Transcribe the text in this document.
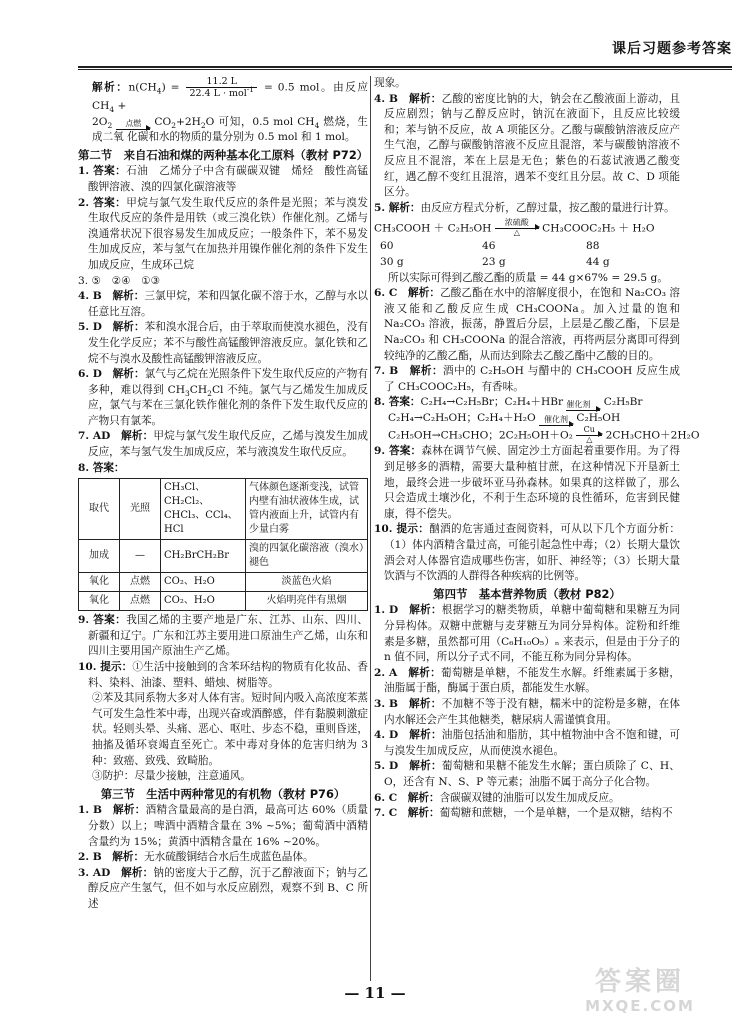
课后习题参考答案

解析：$n(CH_4) = \frac{11.2 L}{22.4 L \cdot mol^{-1}} = 0.5$ mol。由反应 $CH_4$ +

$2O_2$	点燃	$CO_2+2H_2O$ 可知，0.5 mol $CH_4$ 燃烧，生成二氧 化碳和水的物质的量分别为 0.5 mol 和 1 mol。

第二节　来自石油和煤的两种基本化工原料（教材 P72）

1. 答案：石油　乙烯分子中含有碳碳双键　烯烃　酸性高锰酸钾溶液、溴的四氯化碳溶液等

2. 答案：甲烷与氯气发生取代反应的条件是光照；苯与溴发生取代反应的条件是用铁（或三溴化铁）作催化剂。乙烯与溴通常状况下很容易发生加成反应；一般条件下，苯不易发生加成反应，苯与氢气在加热并用镍作催化剂的条件下发生加成反应，生成环己烷

3. ⑤　②④　①③

4. B　解析：三氯甲烷，苯和四氯化碳不溶于水，乙醇与水以任意比互溶。

5. D　解析：苯和溴水混合后，由于萃取而使溴水褪色，没有发生化学反应；苯不与酸性高锰酸钾溶液反应。氯化铁和乙烷不与溴水及酸性高锰酸钾溶液反应。

6. D　解析：氯气与乙烷在光照条件下发生取代反应的产物有多种，难以得到 $CH_3CH_2Cl$ 不纯。氯气与乙烯发生加成反应，氯气与苯在三氯化铁作催化剂的条件下发生取代反应的产物只有氯苯。

7. AD　解析：甲烷与氯气发生取代反应，乙烯与溴发生加成反应，苯与氢气发生加成反应，苯与液溴发生取代反应。

8. 答案：

取代	光照	CH₃Cl、CH₂Cl₂、CHCl₃、CCl₄、HCl	气体颜色逐渐变浅，试管内壁有油状液体生成，试管内液面上升，试管内有少量白雾
加成	—	CH₂BrCH₂Br	溴的四氯化碳溶液（溴水）褪色
氧化	点燃	CO₂、H₂O	淡蓝色火焰
氧化	点燃	CO₂、H₂O	火焰明亮伴有黑烟

9. 答案：我国乙烯的主要产地是广东、江苏、山东、四川、新疆和辽宁。广东和江苏主要用进口原油生产乙烯，山东和四川主要用国产原油生产乙烯。

10. 提示：①生活中接触到的含苯环结构的物质有化妆品、香料、染料、油漆、塑料、蜡烛、树脂等。

②苯及其同系物大多对人体有害。短时间内吸入高浓度苯蒸气可发生急性苯中毒，出现兴奋或酒醉感，伴有黏膜刺激症状。轻则头晕、头痛、恶心、呕吐、步态不稳，重则昏迷，抽搐及循环衰竭直至死亡。苯中毒对身体的危害归纳为 3 种：致癌、致残、致畸胎。

③防护：尽量少接触，注意通风。

第三节　生活中两种常见的有机物（教材 P76）

1. B　解析：酒精含量最高的是白酒，最高可达 60%（质量分数）以上；啤酒中酒精含量在 3% ~5%；葡萄酒中酒精含量约为 15%；黄酒中酒精含量在 16% ~20%。

2. B　解析：无水硫酸铜结合水后生成蓝色晶体。

3. AD　解析：钠的密度大于乙醇，沉于乙醇液面下；钠与乙醇反应产生氢气，但不如与水反应剧烈，观察不到 B、C 所述

现象。

4. B　解析：乙酸的密度比钠的大，钠会在乙酸液面上游动，且反应剧烈；钠与乙醇反应时，钠沉在液面下，且反应比较缓和；苯与钠不反应，故 A 项能区分。乙酸与碳酸钠溶液反应产生气泡，乙醇与碳酸钠溶液不反应且混溶，苯与碳酸钠溶液不反应且不混溶，苯在上层是无色；紫色的石蕊试液遇乙酸变红，遇乙醇不变红且混溶，遇苯不变红且分层。故 C、D 项能区分。

5. 解析：由反应方程式分析，乙醇过量，按乙酸的量进行计算。

CH₃COOH ＋ C₂H₅OH	浓硫酸
△	CH₃COOC₂H₅ ＋ H₂O

60	46	88
30 g	23 g	44 g

所以实际可得到乙酸乙酯的质量 = 44 g×67% = 29.5 g。

6. C　解析：乙酸乙酯在水中的溶解度很小，在饱和 Na₂CO₃ 溶液又能和乙酸反应生成 CH₃COONa。加入过量的饱和 Na₂CO₃ 溶液，振荡，静置后分层，上层是乙酸乙酯，下层是 Na₂CO₃ 和 CH₃COONa 的混合溶液，再将两层分离即可得到较纯净的乙酸乙酯，从而达到除去乙酸乙酯中乙酸的目的。

7. B　解析：酒中的 C₂H₅OH 与醋中的 CH₃COOH 反应生成了 CH₃COOC₂H₅，有香味。

8. 答案：C₂H₄→C₂H₅Br；C₂H₄＋HBr 催化剂	C₂H₅Br

C₂H₄→C₂H₅OH；C₂H₄＋H₂O	催化剂 C₂H₅OH

C₂H₅OH→CH₃CHO；2C₂H₅OH＋O₂	Cu
△	2CH₃CHO＋2H₂O

9. 答案：森林在调节气候、固定沙土方面起着重要作用。为了得到足够多的酒精，需要大量种植甘蔗，在这种情况下开垦新土地，最终会进一步破坏亚马孙森林。如果真的这样做了，那么只会造成土壤沙化，不利于生态环境的良性循环，危害到民健康，得不偿失。

10. 提示：酗酒的危害通过查阅资料，可从以下几个方面分析：（1）体内酒精含量过高，可能引起急性中毒；（2）长期大量饮酒会对人体器官造成哪些伤害，如肝、神经等；（3）长期大量饮酒与不饮酒的人群得各种疾病的比例等。

第四节　基本营养物质（教材 P82）

1. D　解析：根据学习的糖类物质，单糖中葡萄糖和果糖互为同分异构体。双糖中蔗糖与麦芽糖互为同分异构体。淀粉和纤维素是多糖，虽然都可用（C₆H₁₀O₅）ₙ 来表示，但是由于分子的 n 值不同，所以分子式不同，不能互称为同分异构体。

2. A　解析：葡萄糖是单糖，不能发生水解。纤维素属于多糖，油脂属于酯，酶属于蛋白质，都能发生水解。

3. B　解析：不加糖不等于没有糖，糯米中的淀粉是多糖，在体内水解还会产生其他糖类，糖尿病人需谨慎食用。

4. D　解析：油脂包括油和脂肪，其中植物油中含不饱和键，可与溴发生加成反应，从而使溴水褪色。

5. D　解析：葡萄糖和果糖不能发生水解；蛋白质除了 C、H、O，还含有 N、S、P 等元素；油脂不属于高分子化合物。

6. C　解析：含碳碳双键的油脂可以发生加成反应。

7. C　解析：葡萄糖和蔗糖，一个是单糖，一个是双糖，结构不

— 11 —	答案圈
MXQE.COM
